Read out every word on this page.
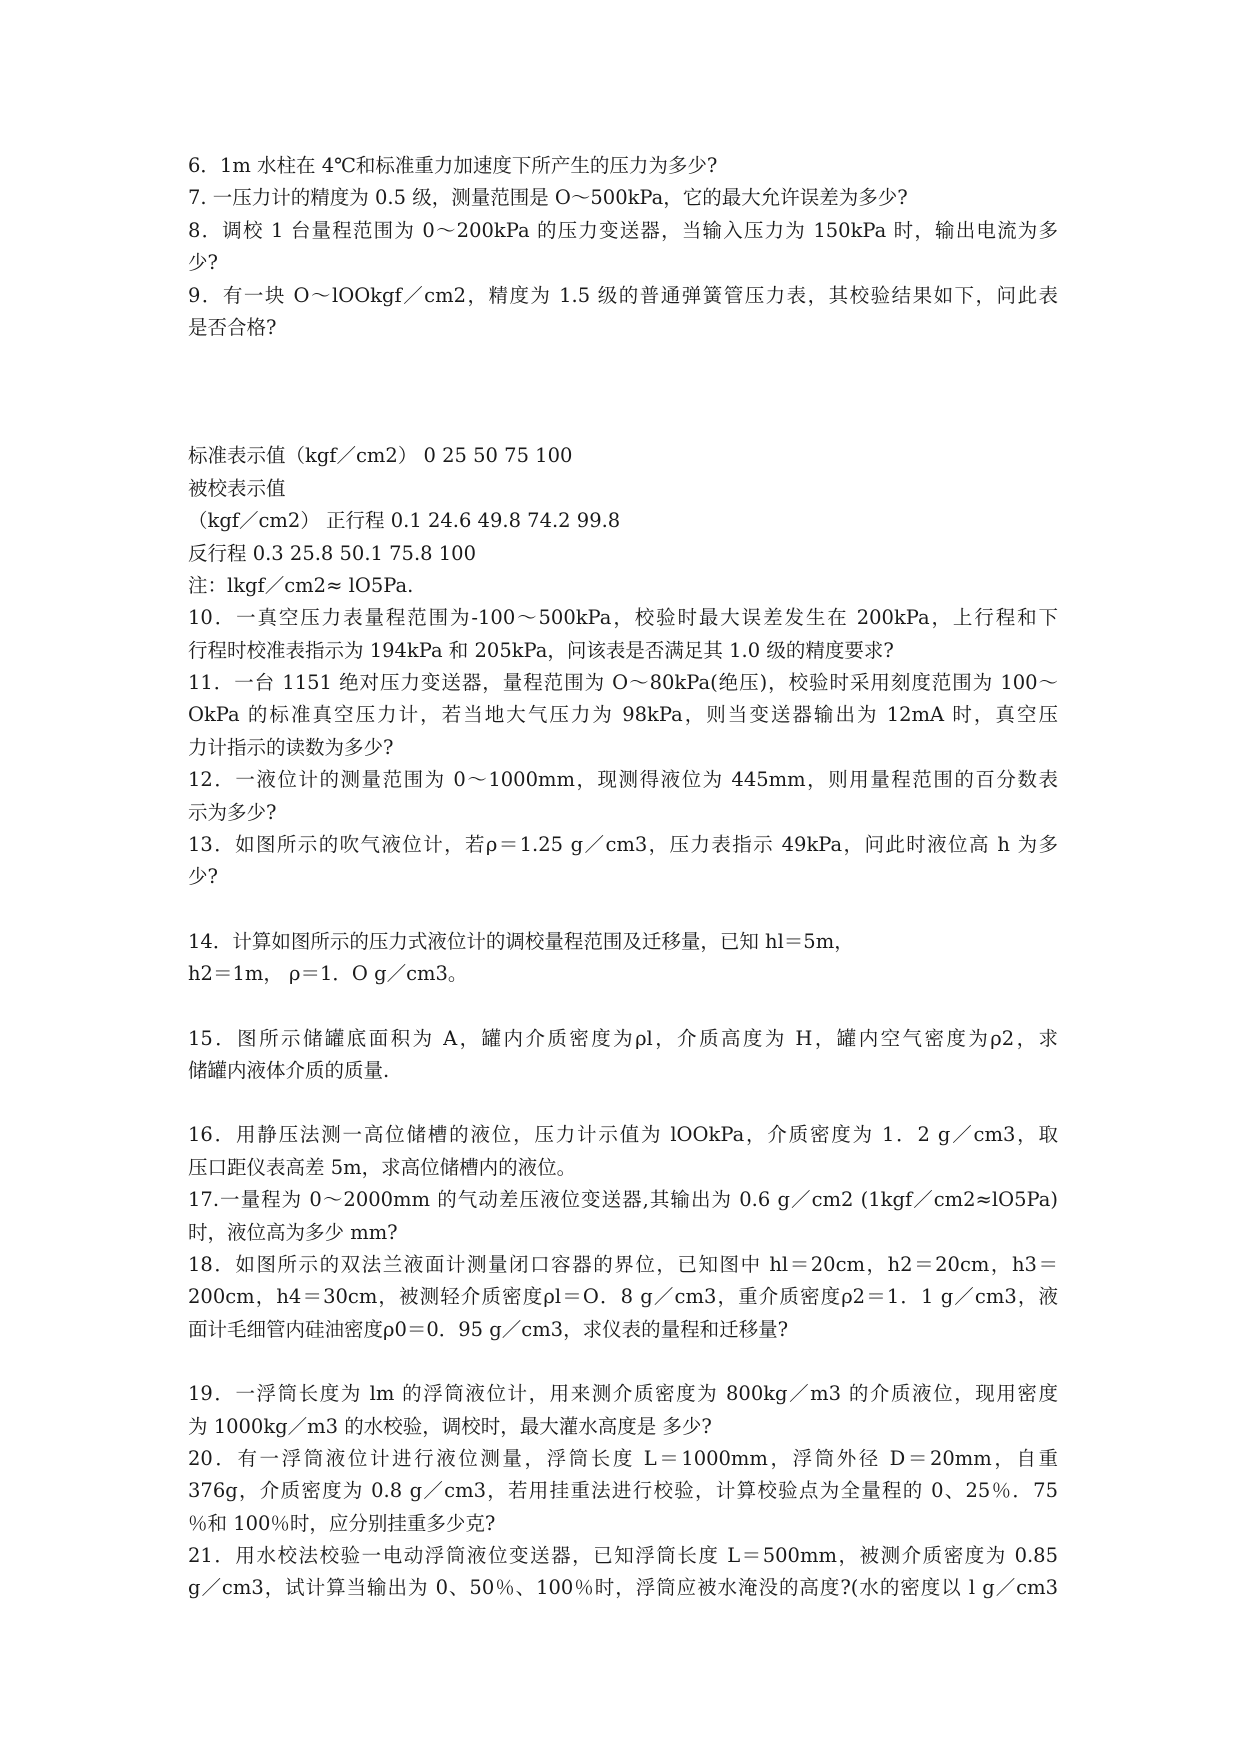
6．1m 水柱在 4℃和标准重力加速度下所产生的压力为多少?
7. 一压力计的精度为 0.5 级，测量范围是 O～500kPa，它的最大允许误差为多少?
8．调校 1 台量程范围为 0～200kPa 的压力变送器，当输入压力为 150kPa 时，输出电流为多
少?
9．有一块 O～lOOkgf／cm2，精度为 1.5 级的普通弹簧管压力表，其校验结果如下，问此表
是否合格?
标准表示值（kgf／cm2） 0 25 50 75 100
被校表示值
（kgf／cm2） 正行程 0.1 24.6 49.8 74.2 99.8
反行程 0.3 25.8 50.1 75.8 100
注：lkgf／cm2≈ lO5Pa.
10．一真空压力表量程范围为-100～500kPa，校验时最大误差发生在 200kPa，上行程和下
行程时校准表指示为 194kPa 和 205kPa，问该表是否满足其 1.0 级的精度要求?
11．一台 1151 绝对压力变送器，量程范围为 O～80kPa(绝压)，校验时采用刻度范围为 100～
OkPa 的标准真空压力计，若当地大气压力为 98kPa，则当变送器输出为 12mA 时，真空压
力计指示的读数为多少?
12．一液位计的测量范围为 0～1000mm，现测得液位为 445mm，则用量程范围的百分数表
示为多少?
13．如图所示的吹气液位计，若ρ＝1.25 g／cm3，压力表指示 49kPa，问此时液位高 h 为多
少?
14．计算如图所示的压力式液位计的调校量程范围及迁移量，已知 hl＝5m，
h2＝1m， ρ＝1．O g／cm3。
15．图所示储罐底面积为 A，罐内介质密度为ρl，介质高度为 H，罐内空气密度为ρ2，求
储罐内液体介质的质量.
16．用静压法测一高位储槽的液位，压力计示值为 lOOkPa，介质密度为 1．2 g／cm3，取
压口距仪表高差 5m，求高位储槽内的液位。
17.一量程为 0～2000mm 的气动差压液位变送器,其输出为 0.6 g／cm2 (1kgf／cm2≈lO5Pa)
时，液位高为多少 mm?
18．如图所示的双法兰液面计测量闭口容器的界位，已知图中 hl＝20cm，h2＝20cm，h3＝
200cm，h4＝30cm，被测轻介质密度ρl＝O．8 g／cm3，重介质密度ρ2＝1．1 g／cm3，液
面计毛细管内硅油密度ρ0＝0．95 g／cm3，求仪表的量程和迁移量?
19．一浮筒长度为 lm 的浮筒液位计，用来测介质密度为 800kg／m3 的介质液位，现用密度
为 1000kg／m3 的水校验，调校时，最大灌水高度是 多少?
20．有一浮筒液位计进行液位测量，浮筒长度 L＝1000mm，浮筒外径 D＝20mm，自重
376g，介质密度为 0.8 g／cm3，若用挂重法进行校验，计算校验点为全量程的 0、25％．75
％和 100％时，应分别挂重多少克?
21．用水校法校验一电动浮筒液位变送器，已知浮筒长度 L＝500mm，被测介质密度为 0.85
g／cm3，试计算当输出为 0、50％、100％时，浮筒应被水淹没的高度?(水的密度以 l g／cm3
